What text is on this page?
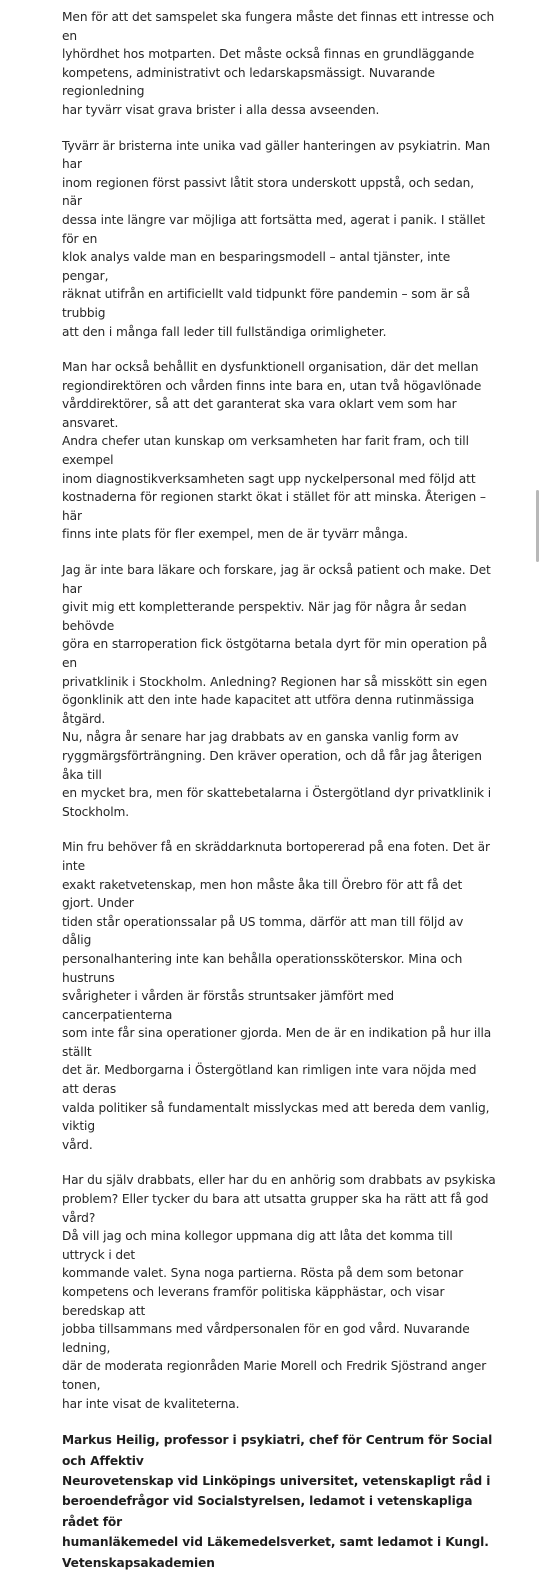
Men för att det samspelet ska fungera måste det finnas ett intresse och en
lyhördhet hos motparten. Det måste också finnas en grundläggande
kompetens, administrativt och ledarskapsmässigt. Nuvarande regionledning
har tyvärr visat grava brister i alla dessa avseenden.

Tyvärr är bristerna inte unika vad gäller hanteringen av psykiatrin. Man har
inom regionen först passivt låtit stora underskott uppstå, och sedan, när
dessa inte längre var möjliga att fortsätta med, agerat i panik. I stället för en
klok analys valde man en besparingsmodell – antal tjänster, inte pengar,
räknat utifrån en artificiellt vald tidpunkt före pandemin – som är så trubbig
att den i många fall leder till fullständiga orimligheter.

Man har också behållit en dysfunktionell organisation, där det mellan
regiondirektören och vården finns inte bara en, utan två högavlönade
vårddirektörer, så att det garanterat ska vara oklart vem som har ansvaret.
Andra chefer utan kunskap om verksamheten har farit fram, och till exempel
inom diagnostikverksamheten sagt upp nyckelpersonal med följd att
kostnaderna för regionen starkt ökat i stället för att minska. Återigen – här
finns inte plats för fler exempel, men de är tyvärr många.

Jag är inte bara läkare och forskare, jag är också patient och make. Det har
givit mig ett kompletterande perspektiv. När jag för några år sedan behövde
göra en starroperation fick östgötarna betala dyrt för min operation på en
privatklinik i Stockholm. Anledning? Regionen har så misskött sin egen
ögonklinik att den inte hade kapacitet att utföra denna rutinmässiga åtgärd.
Nu, några år senare har jag drabbats av en ganska vanlig form av
ryggmärgsförträngning. Den kräver operation, och då får jag återigen åka till
en mycket bra, men för skattebetalarna i Östergötland dyr privatklinik i
Stockholm.

Min fru behöver få en skräddarknuta bortopererad på ena foten. Det är inte
exakt raketvetenskap, men hon måste åka till Örebro för att få det gjort. Under
tiden står operationssalar på US tomma, därför att man till följd av dålig
personalhantering inte kan behålla operationssköterskor. Mina och hustruns
svårigheter i vården är förstås struntsaker jämfört med cancerpatienterna
som inte får sina operationer gjorda. Men de är en indikation på hur illa ställt
det är. Medborgarna i Östergötland kan rimligen inte vara nöjda med att deras
valda politiker så fundamentalt misslyckas med att bereda dem vanlig, viktig
vård.

Har du själv drabbats, eller har du en anhörig som drabbats av psykiska
problem? Eller tycker du bara att utsatta grupper ska ha rätt att få god vård?
Då vill jag och mina kollegor uppmana dig att låta det komma till uttryck i det
kommande valet. Syna noga partierna. Rösta på dem som betonar
kompetens och leverans framför politiska käpphästar, och visar beredskap att
jobba tillsammans med vårdpersonalen för en god vård. Nuvarande ledning,
där de moderata regionråden Marie Morell och Fredrik Sjöstrand anger tonen,
har inte visat de kvaliteterna.

Markus Heilig, professor i psykiatri, chef för Centrum för Social och Affektiv
Neurovetenskap vid Linköpings universitet, vetenskapligt råd i
beroendefrågor vid Socialstyrelsen, ledamot i vetenskapliga rådet för
humanläkemedel vid Läkemedelsverket, samt ledamot i Kungl.
Vetenskapsakademien
